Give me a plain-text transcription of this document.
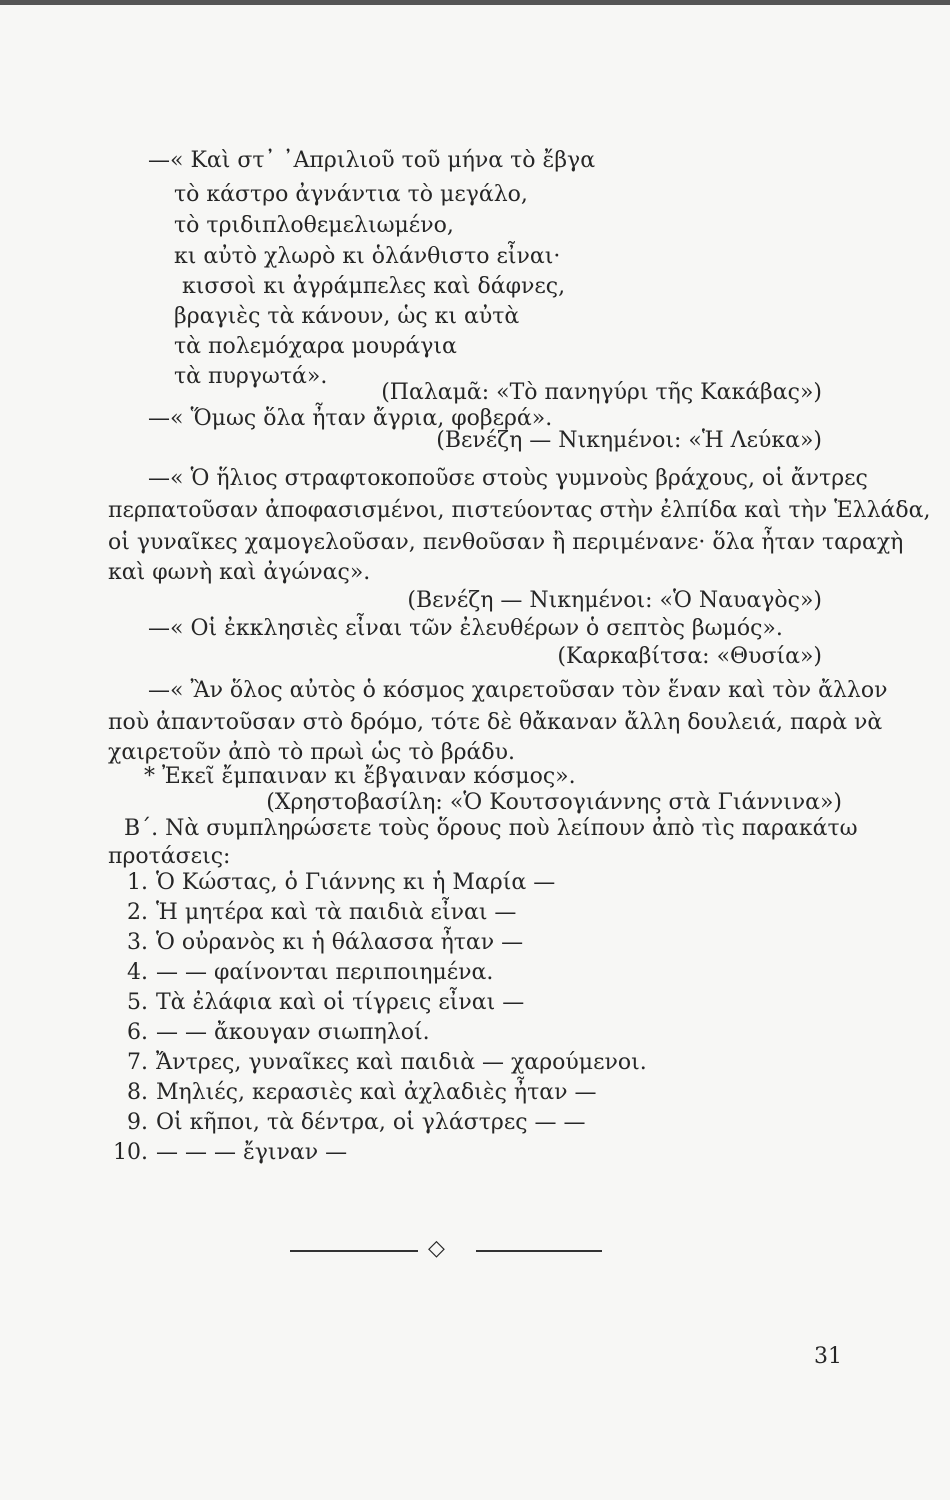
—« Καὶ στ᾿ ᾿Απριλιοῦ τοῦ μήνα τὸ ἔβγα
τὸ κάστρο ἀγνάντια τὸ μεγάλο,
τὸ τριδιπλοθεμελιωμένο,
κι αὐτὸ χλωρὸ κι ὁλάνθιστο εἶναι·
κισσοὶ κι ἀγράμπελες καὶ δάφνες,
βραγιὲς τὰ κάνουν, ὡς κι αὐτὰ
τὰ πολεμόχαρα μουράγια
τὰ πυργωτά».
(Παλαμᾶ: «Τὸ πανηγύρι τῆς Κακάβας»)
—« Ὅμως ὅλα ἦταν ἄγρια, φοβερά».
(Βενέζη — Νικημένοι: «Ἡ Λεύκα»)
—« Ὁ ἥλιος στραφτοκοποῦσε στοὺς γυμνοὺς βράχους, οἱ ἄντρες
περπατοῦσαν ἀποφασισμένοι, πιστεύοντας στὴν ἐλπίδα καὶ τὴν Ἑλλάδα,
οἱ γυναῖκες χαμογελοῦσαν, πενθοῦσαν ἢ περιμένανε· ὅλα ἦταν ταραχὴ
καὶ φωνὴ καὶ ἀγώνας».
(Βενέζη — Νικημένοι: «Ὁ Ναυαγὸς»)
—« Οἱ ἐκκλησιὲς εἶναι τῶν ἐλευθέρων ὁ σεπτὸς βωμός».
(Καρκαβίτσα: «Θυσία»)
—« Ἂν ὅλος αὐτὸς ὁ κόσμος χαιρετοῦσαν τὸν ἕναν καὶ τὸν ἄλλον
ποὺ ἀπαντοῦσαν στὸ δρόμο, τότε δὲ θἄκαναν ἄλλη δουλειά, παρὰ νὰ
χαιρετοῦν ἀπὸ τὸ πρωὶ ὡς τὸ βράδυ.
* Ἐκεῖ ἔμπαιναν κι ἔβγαιναν κόσμος».
(Χρηστοβασίλη: «Ὁ Κουτσογιάννης στὰ Γιάννινα»)
Β΄. Νὰ συμπληρώσετε τοὺς ὅρους ποὺ λείπουν ἀπὸ τὶς παρακάτω
προτάσεις:
1. Ὁ Κώστας, ὁ Γιάννης κι ἡ Μαρία —
2. Ἡ μητέρα καὶ τὰ παιδιὰ εἶναι —
3. Ὁ οὐρανὸς κι ἡ θάλασσα ἦταν —
4. — — φαίνονται περιποιημένα.
5. Τὰ ἐλάφια καὶ οἱ τίγρεις εἶναι —
6. — — ἄκουγαν σιωπηλοί.
7. Ἄντρες, γυναῖκες καὶ παιδιὰ — χαρούμενοι.
8. Μηλιές, κερασιὲς καὶ ἀχλαδιὲς ἦταν —
9. Οἱ κῆποι, τὰ δέντρα, οἱ γλάστρες — —
10. — — — ἔγιναν —
◇
31
